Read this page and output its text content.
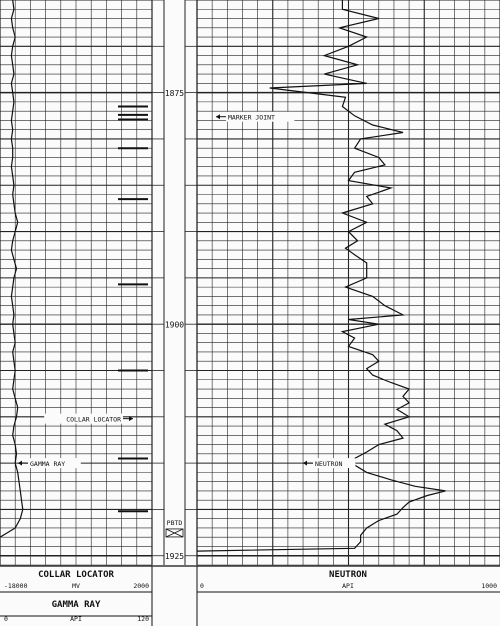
1875
1900
1925
COLLAR LOCATOR
GAMMA RAY
MARKER JOINT
NEUTRON
PBTD
COLLAR LOCATOR
-18000	MV	2000
GAMMA RAY
0	API	120
NEUTRON
0	API	1000
